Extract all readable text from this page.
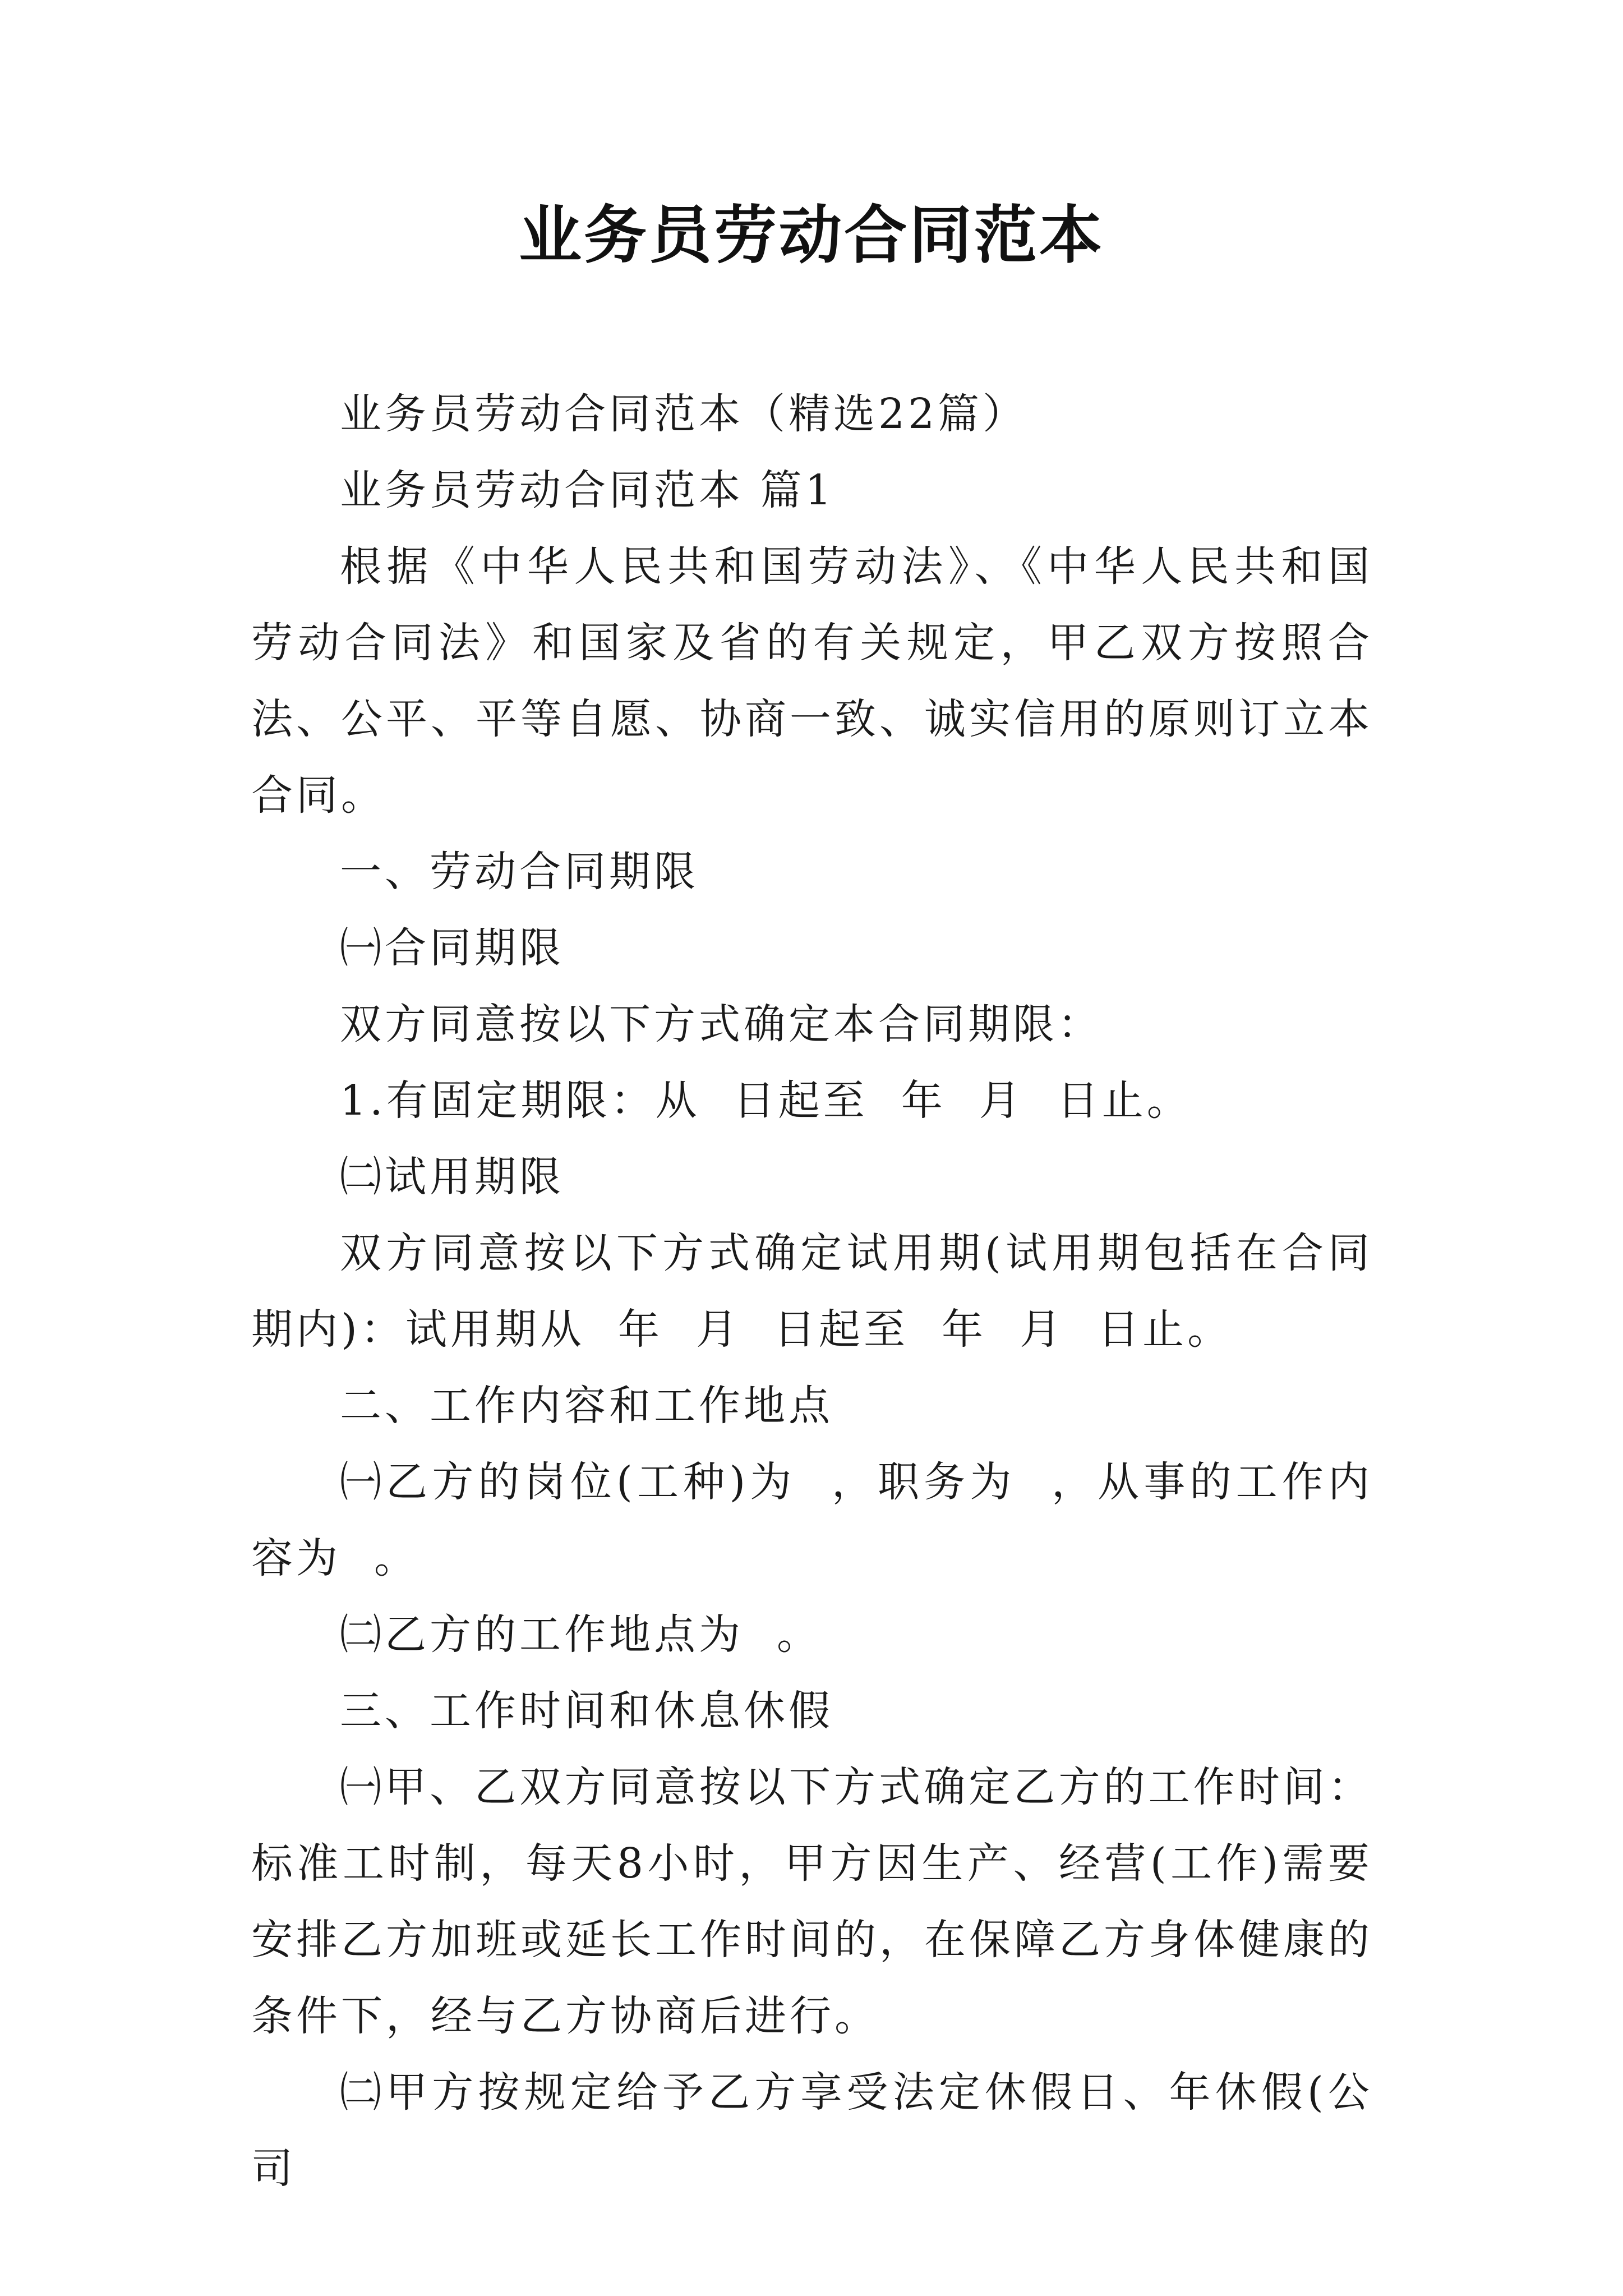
业务员劳动合同范本

业务员劳动合同范本（精选22篇）

业务员劳动合同范本 篇1

根据《中华人民共和国劳动法》、《中华人民共和国劳动合同法》和国家及省的有关规定，甲乙双方按照合法、公平、平等自愿、协商一致、诚实信用的原则订立本合同。

一、劳动合同期限

㈠合同期限

双方同意按以下方式确定本合同期限：

1.有固定期限：从  日起至  年  月  日止。

㈡试用期限

双方同意按以下方式确定试用期(试用期包括在合同期内)：试用期从  年  月  日起至  年  月  日止。

二、工作内容和工作地点

㈠乙方的岗位(工种)为  ，职务为  ，从事的工作内容为  。

㈡乙方的工作地点为  。

三、工作时间和休息休假

㈠甲、乙双方同意按以下方式确定乙方的工作时间：标准工时制，每天8小时，甲方因生产、经营(工作)需要安排乙方加班或延长工作时间的，在保障乙方身体健康的条件下，经与乙方协商后进行。

㈡甲方按规定给予乙方享受法定休假日、年休假(公司
